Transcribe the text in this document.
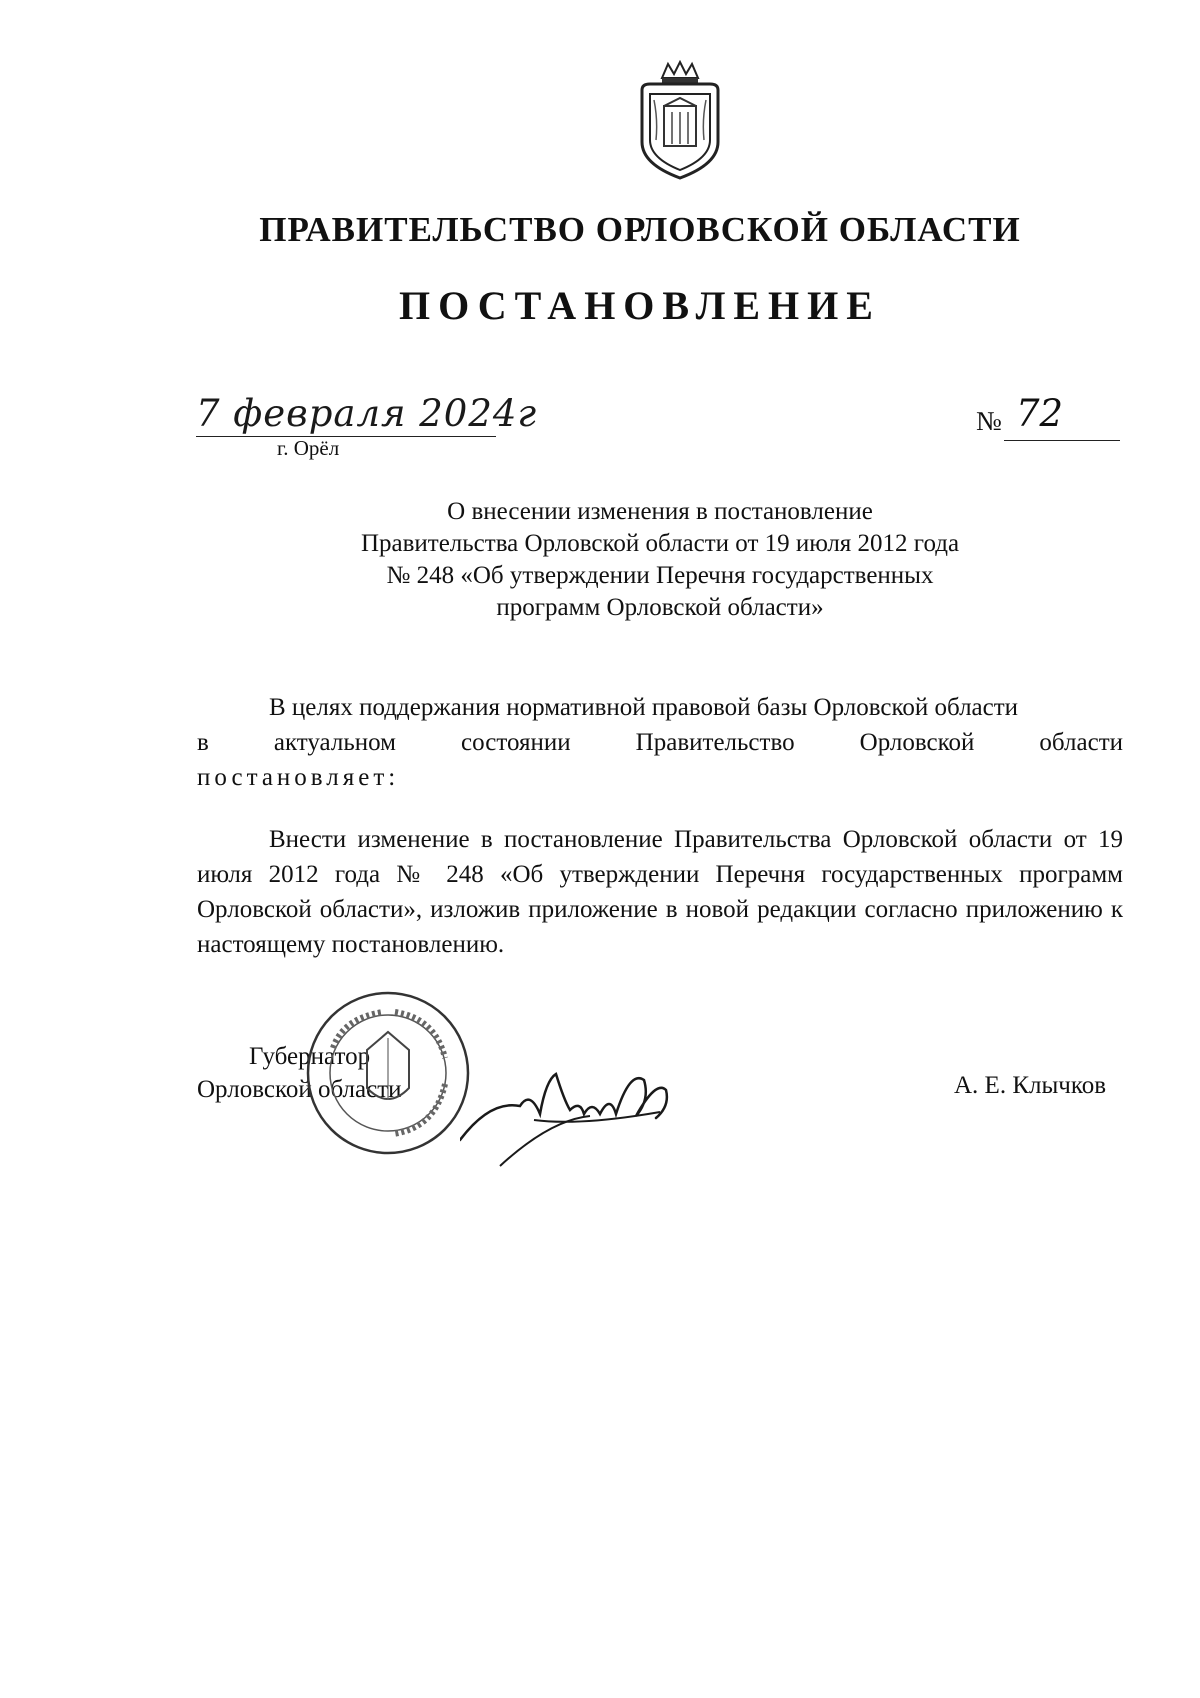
ПРАВИТЕЛЬСТВО ОРЛОВСКОЙ ОБЛАСТИ
ПОСТАНОВЛЕНИЕ
7 февраля 2024г
г. Орёл
№ 72
О внесении изменения в постановление
Правительства Орловской области от 19 июля 2012 года
№ 248 «Об утверждении Перечня государственных
программ Орловской области»
В целях поддержания нормативной правовой базы Орловской области
в актуальном состоянии Правительство Орловской области
постановляет:
Внести изменение в постановление Правительства Орловской области от 19 июля 2012 года № 248 «Об утверждении Перечня государственных программ Орловской области», изложив приложение в новой редакции согласно приложению к настоящему постановлению.
Губернатор
Орловской области	А. Е. Клычков
